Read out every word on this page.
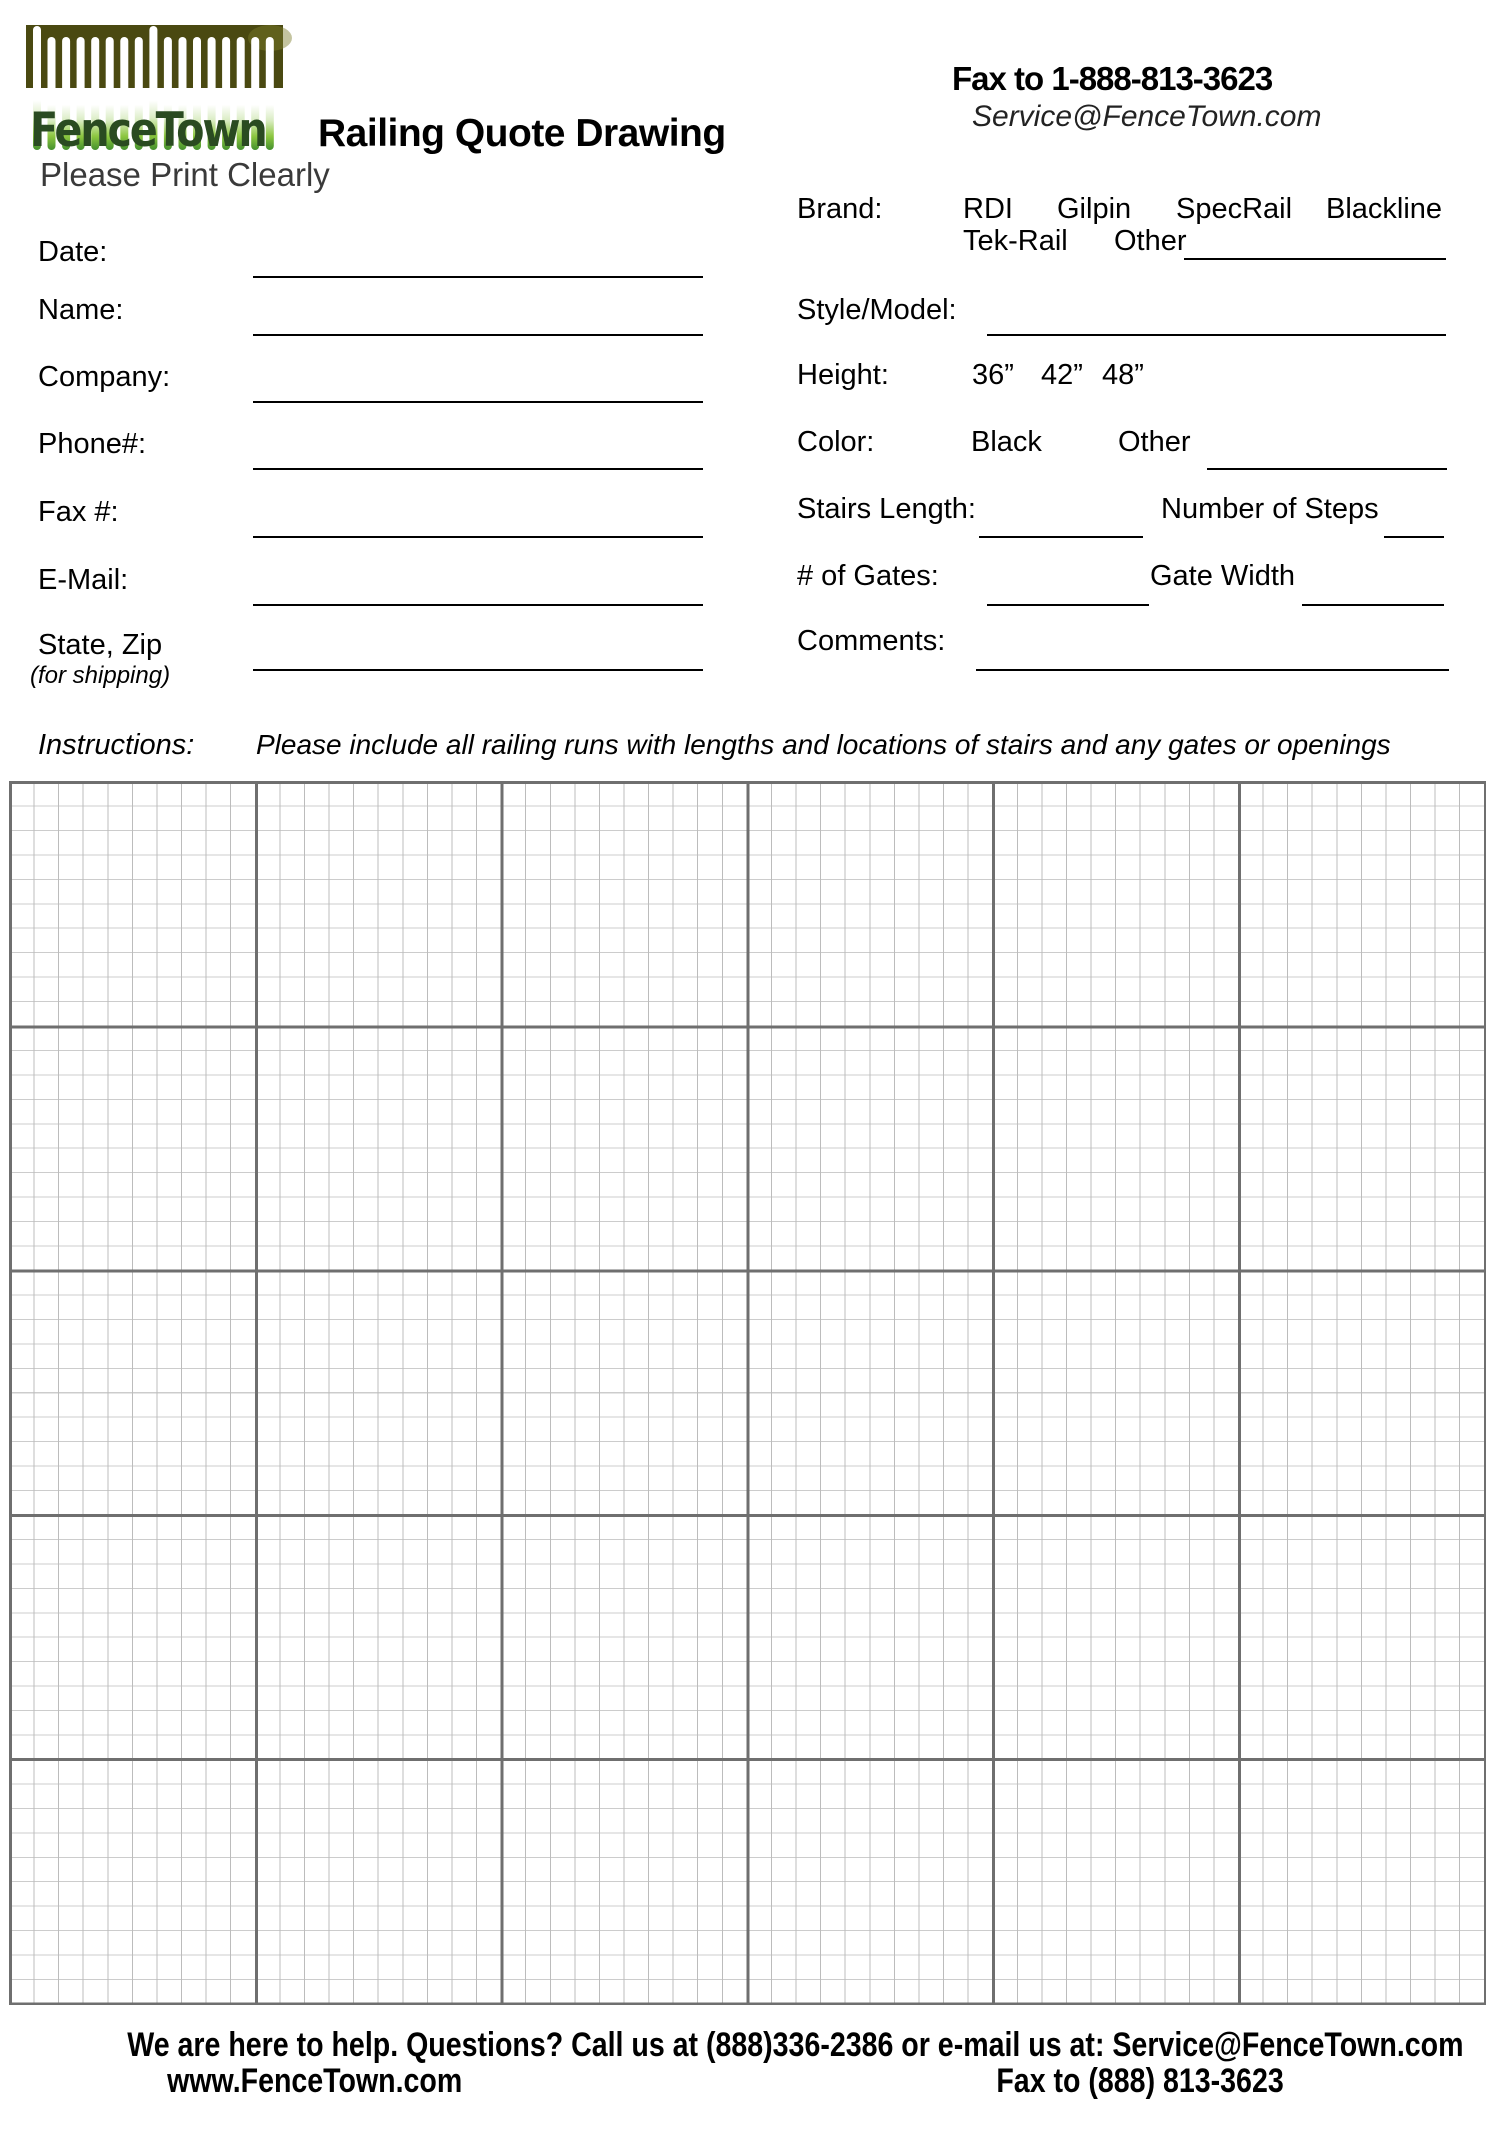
FenceTown
Please Print Clearly
Railing Quote Drawing
Fax to 1-888-813-3623
Service@FenceTown.com
Date:
Name:
Company:
Phone#:
Fax #:
E-Mail:
State, Zip
(for shipping)
Brand:	RDI Gilpin SpecRail Blackline
Tek-Rail Other
Style/Model:
Height:	36” 42” 48”
Color:	Black	Other
Stairs Length:	Number of Steps
# of Gates:	Gate Width
Comments:
Instructions: Please include all railing runs with lengths and locations of stairs and any gates or openings
We are here to help. Questions? Call us at (888)336-2386 or e-mail us at: Service@FenceTown.com
www.FenceTown.com	Fax to (888) 813-3623
